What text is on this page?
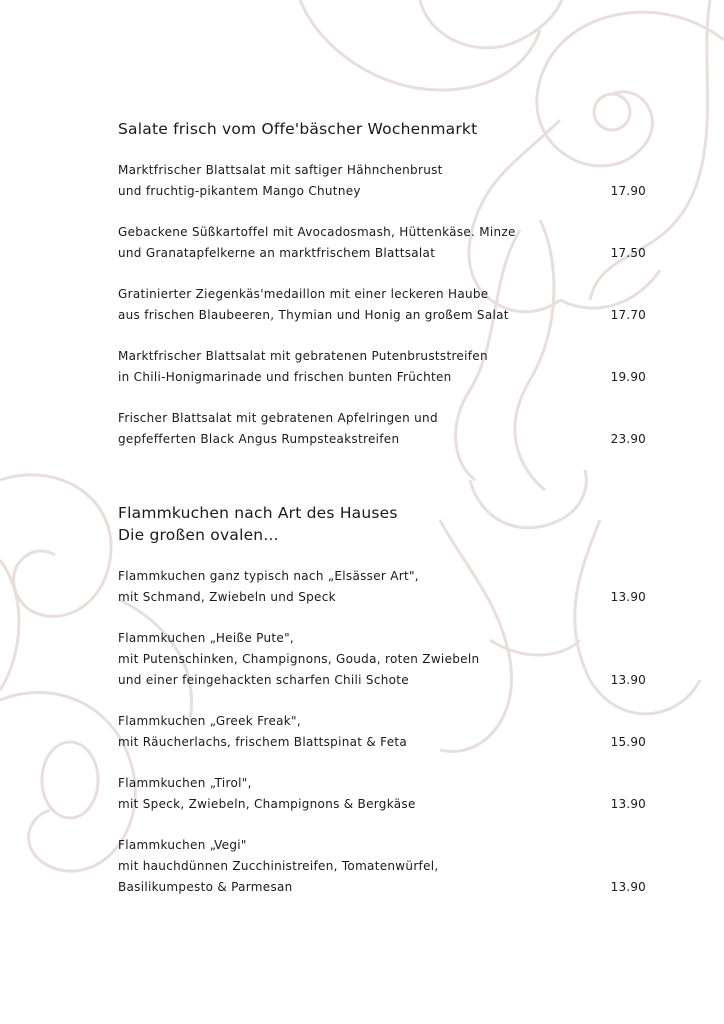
Salate frisch vom Offe'bäscher Wochenmarkt
Marktfrischer Blattsalat mit saftiger Hähnchenbrust
und fruchtig-pikantem Mango Chutney	17.90
Gebackene Süßkartoffel mit Avocadosmash, Hüttenkäse. Minze
und Granatapfelkerne an marktfrischem Blattsalat	17.50
Gratinierter Ziegenkäs'medaillon mit einer leckeren Haube
aus frischen Blaubeeren, Thymian und Honig an großem Salat	17.70
Marktfrischer Blattsalat mit gebratenen Putenbruststreifen
in Chili-Honigmarinade und frischen bunten Früchten	19.90
Frischer Blattsalat mit gebratenen Apfelringen und
gepfefferten Black Angus Rumpsteakstreifen	23.90
Flammkuchen nach Art des Hauses
Die großen ovalen...
Flammkuchen ganz typisch nach „Elsässer Art",
mit Schmand, Zwiebeln und Speck	13.90
Flammkuchen „Heiße Pute",
mit Putenschinken, Champignons, Gouda, roten Zwiebeln
und einer feingehackten scharfen Chili Schote	13.90
Flammkuchen „Greek Freak",
mit Räucherlachs, frischem Blattspinat & Feta	15.90
Flammkuchen „Tirol",
mit Speck, Zwiebeln, Champignons & Bergkäse	13.90
Flammkuchen „Vegi"
mit hauchdünnen Zucchinistreifen, Tomatenwürfel,
Basilikumpesto & Parmesan	13.90
